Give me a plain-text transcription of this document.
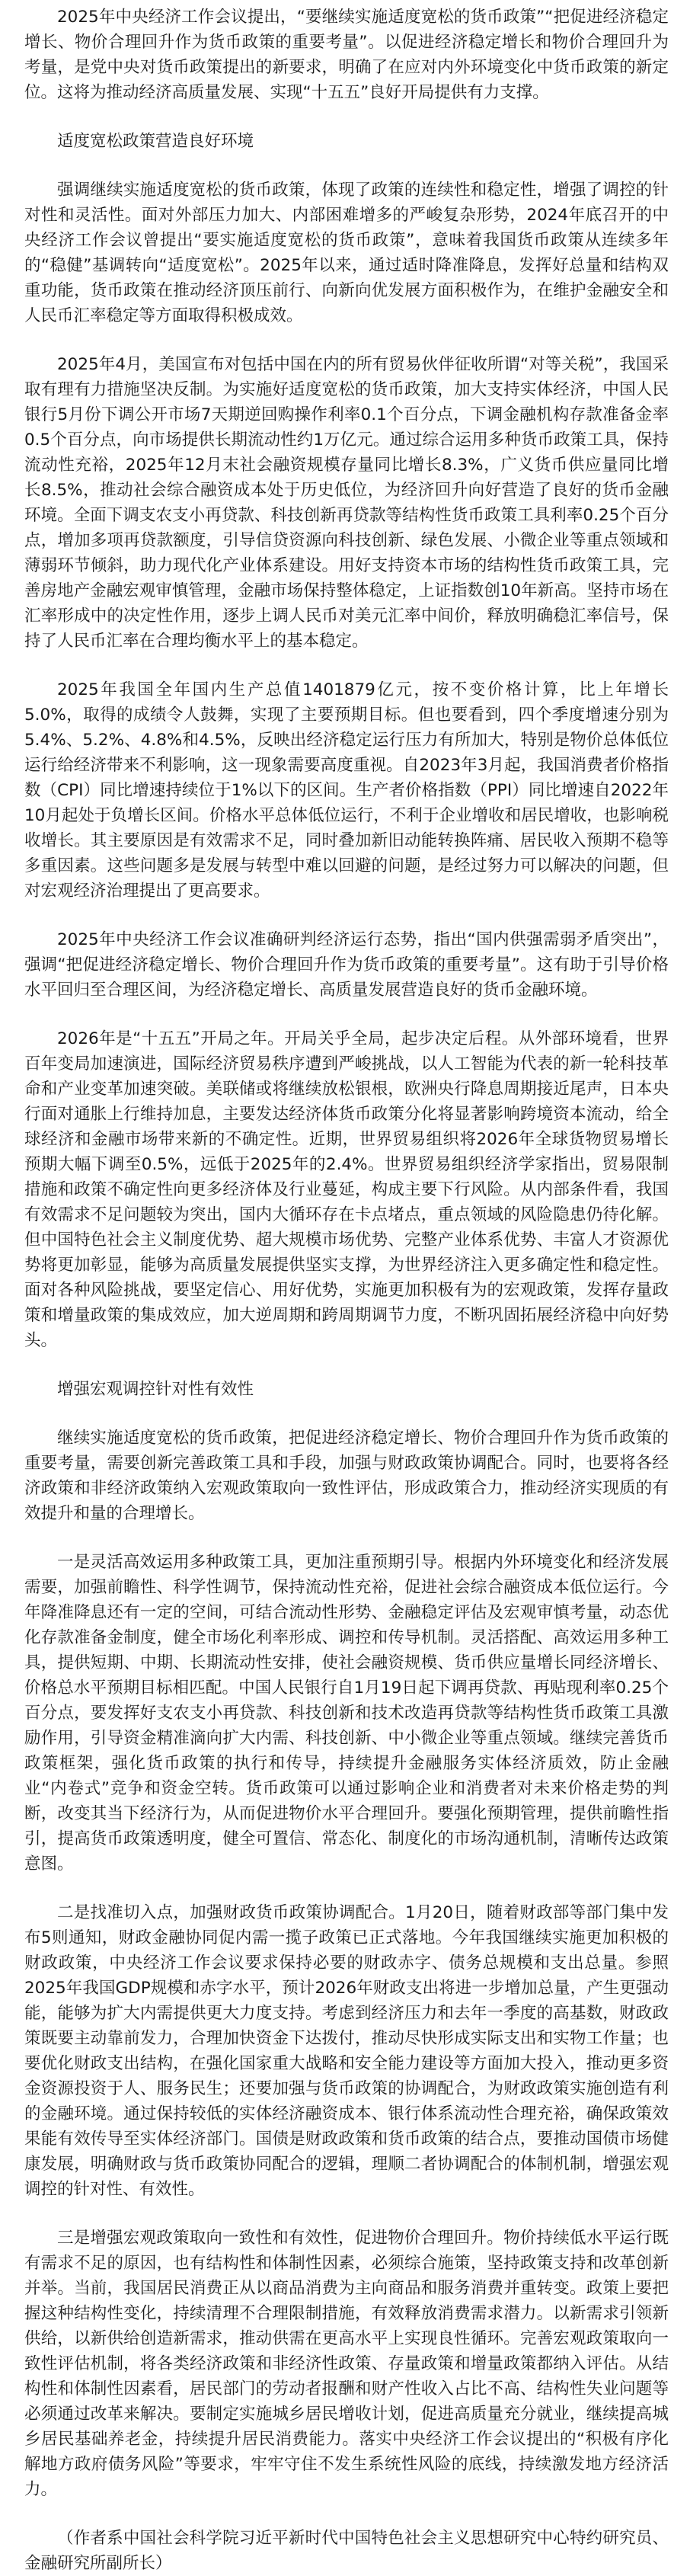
2025年中央经济工作会议提出，“要继续实施适度宽松的货币政策”“把促进经济稳定增长、物价合理回升作为货币政策的重要考量”。以促进经济稳定增长和物价合理回升为考量，是党中央对货币政策提出的新要求，明确了在应对内外环境变化中货币政策的新定位。这将为推动经济高质量发展、实现“十五五”良好开局提供有力支撑。

适度宽松政策营造良好环境

强调继续实施适度宽松的货币政策，体现了政策的连续性和稳定性，增强了调控的针对性和灵活性。面对外部压力加大、内部困难增多的严峻复杂形势，2024年底召开的中央经济工作会议曾提出“要实施适度宽松的货币政策”，意味着我国货币政策从连续多年的“稳健”基调转向“适度宽松”。2025年以来，通过适时降准降息，发挥好总量和结构双重功能，货币政策在推动经济顶压前行、向新向优发展方面积极作为，在维护金融安全和人民币汇率稳定等方面取得积极成效。

2025年4月，美国宣布对包括中国在内的所有贸易伙伴征收所谓“对等关税”，我国采取有理有力措施坚决反制。为实施好适度宽松的货币政策，加大支持实体经济，中国人民银行5月份下调公开市场7天期逆回购操作利率0.1个百分点，下调金融机构存款准备金率0.5个百分点，向市场提供长期流动性约1万亿元。通过综合运用多种货币政策工具，保持流动性充裕，2025年12月末社会融资规模存量同比增长8.3%，广义货币供应量同比增长8.5%，推动社会综合融资成本处于历史低位，为经济回升向好营造了良好的货币金融环境。全面下调支农支小再贷款、科技创新再贷款等结构性货币政策工具利率0.25个百分点，增加多项再贷款额度，引导信贷资源向科技创新、绿色发展、小微企业等重点领域和薄弱环节倾斜，助力现代化产业体系建设。用好支持资本市场的结构性货币政策工具，完善房地产金融宏观审慎管理，金融市场保持整体稳定，上证指数创10年新高。坚持市场在汇率形成中的决定性作用，逐步上调人民币对美元汇率中间价，释放明确稳汇率信号，保持了人民币汇率在合理均衡水平上的基本稳定。

2025年我国全年国内生产总值1401879亿元，按不变价格计算，比上年增长5.0%，取得的成绩令人鼓舞，实现了主要预期目标。但也要看到，四个季度增速分别为5.4%、5.2%、4.8%和4.5%，反映出经济稳定运行压力有所加大，特别是物价总体低位运行给经济带来不利影响，这一现象需要高度重视。自2023年3月起，我国消费者价格指数（CPI）同比增速持续位于1%以下的区间。生产者价格指数（PPI）同比增速自2022年10月起处于负增长区间。价格水平总体低位运行，不利于企业增收和居民增收，也影响税收增长。其主要原因是有效需求不足，同时叠加新旧动能转换阵痛、居民收入预期不稳等多重因素。这些问题多是发展与转型中难以回避的问题，是经过努力可以解决的问题，但对宏观经济治理提出了更高要求。

2025年中央经济工作会议准确研判经济运行态势，指出“国内供强需弱矛盾突出”，强调“把促进经济稳定增长、物价合理回升作为货币政策的重要考量”。这有助于引导价格水平回归至合理区间，为经济稳定增长、高质量发展营造良好的货币金融环境。

2026年是“十五五”开局之年。开局关乎全局，起步决定后程。从外部环境看，世界百年变局加速演进，国际经济贸易秩序遭到严峻挑战，以人工智能为代表的新一轮科技革命和产业变革加速突破。美联储或将继续放松银根，欧洲央行降息周期接近尾声，日本央行面对通胀上行维持加息，主要发达经济体货币政策分化将显著影响跨境资本流动，给全球经济和金融市场带来新的不确定性。近期，世界贸易组织将2026年全球货物贸易增长预期大幅下调至0.5%，远低于2025年的2.4%。世界贸易组织经济学家指出，贸易限制措施和政策不确定性向更多经济体及行业蔓延，构成主要下行风险。从内部条件看，我国有效需求不足问题较为突出，国内大循环存在卡点堵点，重点领域的风险隐患仍待化解。但中国特色社会主义制度优势、超大规模市场优势、完整产业体系优势、丰富人才资源优势将更加彰显，能够为高质量发展提供坚实支撑，为世界经济注入更多确定性和稳定性。面对各种风险挑战，要坚定信心、用好优势，实施更加积极有为的宏观政策，发挥存量政策和增量政策的集成效应，加大逆周期和跨周期调节力度，不断巩固拓展经济稳中向好势头。

增强宏观调控针对性有效性

继续实施适度宽松的货币政策，把促进经济稳定增长、物价合理回升作为货币政策的重要考量，需要创新完善政策工具和手段，加强与财政政策协调配合。同时，也要将各经济政策和非经济政策纳入宏观政策取向一致性评估，形成政策合力，推动经济实现质的有效提升和量的合理增长。

一是灵活高效运用多种政策工具，更加注重预期引导。根据内外环境变化和经济发展需要，加强前瞻性、科学性调节，保持流动性充裕，促进社会综合融资成本低位运行。今年降准降息还有一定的空间，可结合流动性形势、金融稳定评估及宏观审慎考量，动态优化存款准备金制度，健全市场化利率形成、调控和传导机制。灵活搭配、高效运用多种工具，提供短期、中期、长期流动性安排，使社会融资规模、货币供应量增长同经济增长、价格总水平预期目标相匹配。中国人民银行自1月19日起下调再贷款、再贴现利率0.25个百分点，要发挥好支农支小再贷款、科技创新和技术改造再贷款等结构性货币政策工具激励作用，引导资金精准滴向扩大内需、科技创新、中小微企业等重点领域。继续完善货币政策框架，强化货币政策的执行和传导，持续提升金融服务实体经济质效，防止金融业“内卷式”竞争和资金空转。货币政策可以通过影响企业和消费者对未来价格走势的判断，改变其当下经济行为，从而促进物价水平合理回升。要强化预期管理，提供前瞻性指引，提高货币政策透明度，健全可置信、常态化、制度化的市场沟通机制，清晰传达政策意图。

二是找准切入点，加强财政货币政策协调配合。1月20日，随着财政部等部门集中发布5则通知，财政金融协同促内需一揽子政策已正式落地。今年我国继续实施更加积极的财政政策，中央经济工作会议要求保持必要的财政赤字、债务总规模和支出总量。参照2025年我国GDP规模和赤字水平，预计2026年财政支出将进一步增加总量，产生更强动能，能够为扩大内需提供更大力度支持。考虑到经济压力和去年一季度的高基数，财政政策既要主动靠前发力，合理加快资金下达拨付，推动尽快形成实际支出和实物工作量；也要优化财政支出结构，在强化国家重大战略和安全能力建设等方面加大投入，推动更多资金资源投资于人、服务民生；还要加强与货币政策的协调配合，为财政政策实施创造有利的金融环境。通过保持较低的实体经济融资成本、银行体系流动性合理充裕，确保政策效果能有效传导至实体经济部门。国债是财政政策和货币政策的结合点，要推动国债市场健康发展，明确财政与货币政策协同配合的逻辑，理顺二者协调配合的体制机制，增强宏观调控的针对性、有效性。

三是增强宏观政策取向一致性和有效性，促进物价合理回升。物价持续低水平运行既有需求不足的原因，也有结构性和体制性因素，必须综合施策，坚持政策支持和改革创新并举。当前，我国居民消费正从以商品消费为主向商品和服务消费并重转变。政策上要把握这种结构性变化，持续清理不合理限制措施，有效释放消费需求潜力。以新需求引领新供给，以新供给创造新需求，推动供需在更高水平上实现良性循环。完善宏观政策取向一致性评估机制，将各类经济政策和非经济性政策、存量政策和增量政策都纳入评估。从结构性和体制性因素看，居民部门的劳动者报酬和财产性收入占比不高、结构性失业问题等必须通过改革来解决。要制定实施城乡居民增收计划，促进高质量充分就业，继续提高城乡居民基础养老金，持续提升居民消费能力。落实中央经济工作会议提出的“积极有序化解地方政府债务风险”等要求，牢牢守住不发生系统性风险的底线，持续激发地方经济活力。

（作者系中国社会科学院习近平新时代中国特色社会主义思想研究中心特约研究员、金融研究所副所长）
